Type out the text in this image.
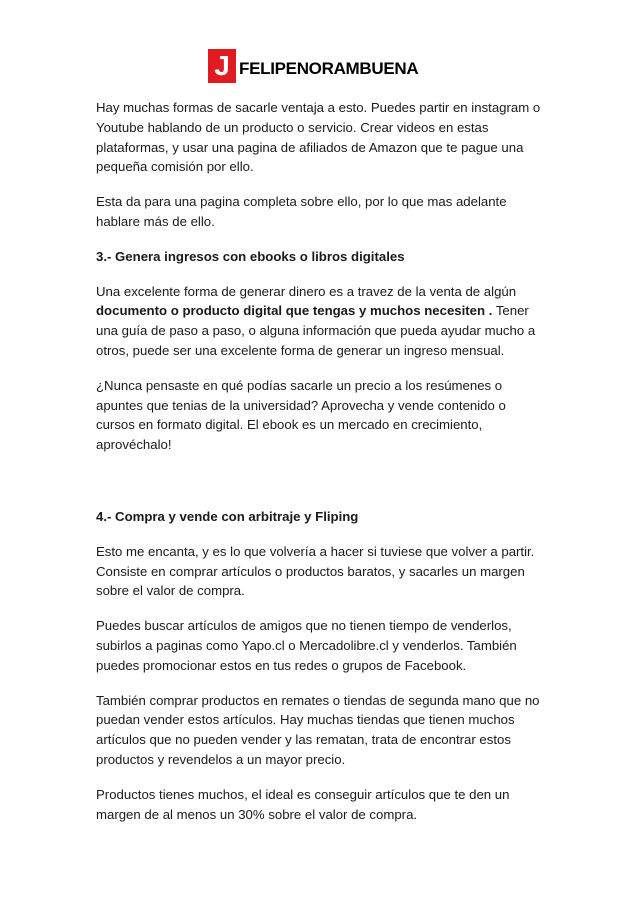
J FELIPENORAMBUENA

Hay muchas formas de sacarle ventaja a esto. Puedes partir en instagram o Youtube hablando de un producto o servicio. Crear videos en estas plataformas, y usar una pagina de afiliados de Amazon que te pague una pequeña comisión por ello.

Esta da para una pagina completa sobre ello, por lo que mas adelante hablare más de ello.

3.- Genera ingresos con ebooks o libros digitales

Una excelente forma de generar dinero es a travez de la venta de algún documento o producto digital que tengas y muchos necesiten . Tener una guía de paso a paso, o alguna información que pueda ayudar mucho a otros, puede ser una excelente forma de generar un ingreso mensual.

¿Nunca pensaste en qué podías sacarle un precio a los resúmenes o apuntes que tenias de la universidad? Aprovecha y vende contenido o cursos en formato digital. El ebook es un mercado en crecimiento, aprovéchalo!

4.- Compra y vende con arbitraje y Fliping

Esto me encanta, y es lo que volvería a hacer si tuviese que volver a partir. Consiste en comprar artículos o productos baratos, y sacarles un margen sobre el valor de compra.

Puedes buscar artículos de amigos que no tienen tiempo de venderlos, subirlos a paginas como Yapo.cl o Mercadolibre.cl y venderlos. También puedes promocionar estos en tus redes o grupos de Facebook.

También comprar productos en remates o tiendas de segunda mano que no puedan vender estos artículos. Hay muchas tiendas que tienen muchos artículos que no pueden vender y las rematan, trata de encontrar estos productos y revendelos a un mayor precio.

Productos tienes muchos, el ideal es conseguir artículos que te den un margen de al menos un 30% sobre el valor de compra.
